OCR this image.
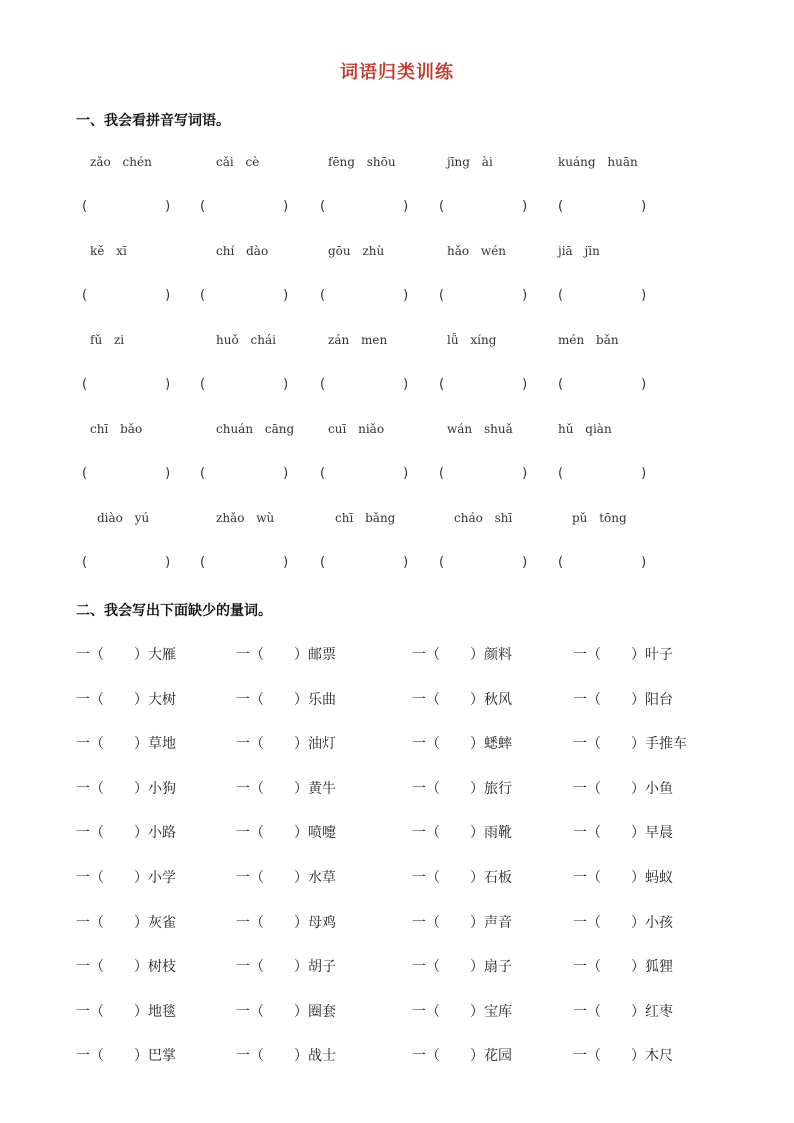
词语归类训练
一、我会看拼音写词语。
zǎo chén	cǎi cè	fēng shōu	jīng ài	kuáng huān
(	) (	) (	) (	) (	)
kě xī	chí dào	gōu zhù	hǎo wén	jiā jīn
(	) (	) (	) (	) (	)
fǔ zi	huǒ chái	zán men	lǚ xíng	mén bǎn
(	) (	) (	) (	) (	)
chī bǎo	chuán cāng	cuī niǎo	wán shuǎ	hǔ qiàn
(	) (	) (	) (	) (	)
diào yú	zhǎo wù	chī bǎng	cháo shī	pǔ tōng
(	) (	) (	) (	) (	)
二、我会写出下面缺少的量词。
一（ ）大雁	一（ ）邮票	一（ ）颜料	一（ ）叶子
一（ ）大树	一（ ）乐曲	一（ ）秋风	一（ ）阳台
一（ ）草地	一（ ）油灯	一（ ）蟋蟀	一（ ）手推车
一（ ）小狗	一（ ）黄牛	一（ ）旅行	一（ ）小鱼
一（ ）小路	一（ ）喷嚏	一（ ）雨靴	一（ ）早晨
一（ ）小学	一（ ）水草	一（ ）石板	一（ ）蚂蚁
一（ ）灰雀	一（ ）母鸡	一（ ）声音	一（ ）小孩
一（ ）树枝	一（ ）胡子	一（ ）扇子	一（ ）狐狸
一（ ）地毯	一（ ）圈套	一（ ）宝库	一（ ）红枣
一（ ）巴掌	一（ ）战士	一（ ）花园	一（ ）木尺
